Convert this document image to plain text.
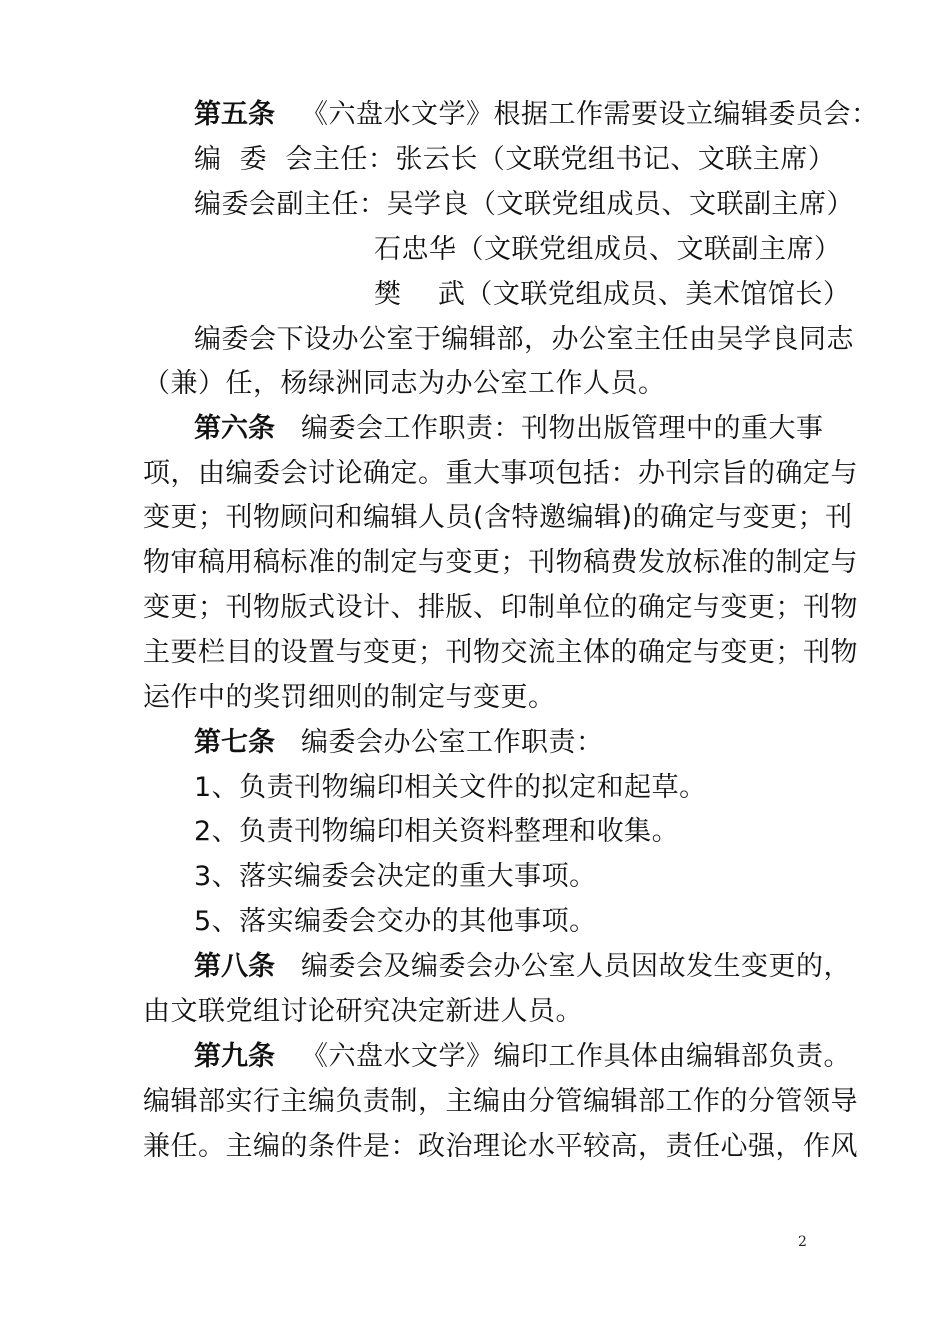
第五条 《六盘水文学》根据工作需要设立编辑委员会：
编  委  会主任：张云长（文联党组书记、文联主席）
编委会副主任：吴学良（文联党组成员、文联副主席）
石忠华（文联党组成员、文联副主席）
樊    武（文联党组成员、美术馆馆长）
编委会下设办公室于编辑部，办公室主任由吴学良同志
（兼）任，杨绿洲同志为办公室工作人员。
第六条 编委会工作职责：刊物出版管理中的重大事
项，由编委会讨论确定。重大事项包括：办刊宗旨的确定与
变更；刊物顾问和编辑人员(含特邀编辑)的确定与变更；刊
物审稿用稿标准的制定与变更；刊物稿费发放标准的制定与
变更；刊物版式设计、排版、印制单位的确定与变更；刊物
主要栏目的设置与变更；刊物交流主体的确定与变更；刊物
运作中的奖罚细则的制定与变更。
第七条 编委会办公室工作职责：
1、负责刊物编印相关文件的拟定和起草。
2、负责刊物编印相关资料整理和收集。
3、落实编委会决定的重大事项。
5、落实编委会交办的其他事项。
第八条 编委会及编委会办公室人员因故发生变更的，
由文联党组讨论研究决定新进人员。
第九条 《六盘水文学》编印工作具体由编辑部负责。
编辑部实行主编负责制，主编由分管编辑部工作的分管领导
兼任。主编的条件是：政治理论水平较高，责任心强，作风
2
